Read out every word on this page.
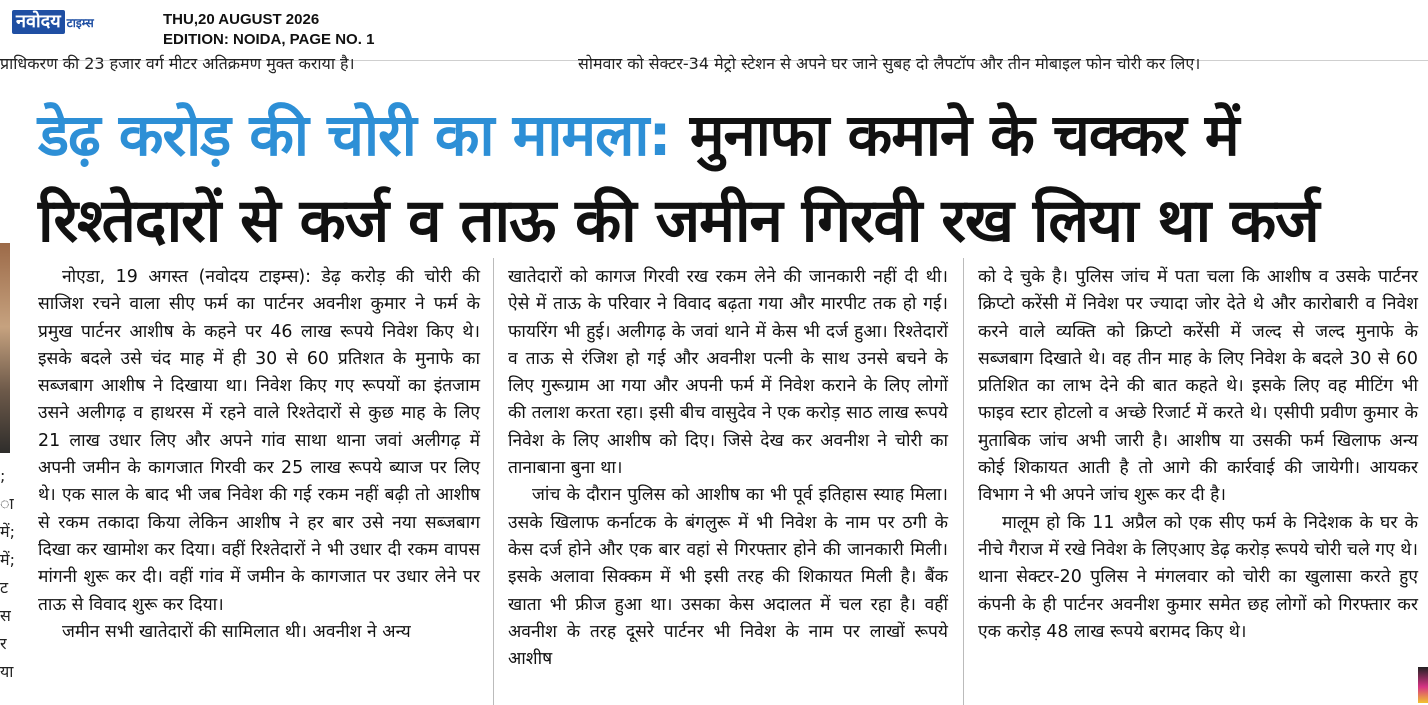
नवोदय टाइम्स	THU,20 AUGUST 2026
EDITION: NOIDA, PAGE NO. 1
प्राधिकरण की 23 हजार वर्ग मीटर अतिक्रमण मुक्त कराया है।	सोमवार को सेक्टर-34 मेट्रो स्टेशन से अपने घर जाने सुबह दो लैपटॉप और तीन मोबाइल फोन चोरी कर लिए।
डेढ़ करोड़ की चोरी का मामला: मुनाफा कमाने के चक्कर में
रिश्तेदारों से कर्ज व ताऊ की जमीन गिरवी रख लिया था कर्ज
;
ा
में;
में;
ट
स
र
या

नोएडा, 19 अगस्त (नवोदय टाइम्स): डेढ़ करोड़ की चोरी की साजिश रचने वाला सीए फर्म का पार्टनर अवनीश कुमार ने फर्म के प्रमुख पार्टनर आशीष के कहने पर 46 लाख रूपये निवेश किए थे। इसके बदले उसे चंद माह में ही 30 से 60 प्रतिशत के मुनाफे का सब्जबाग आशीष ने दिखाया था। निवेश किए गए रूपयों का इंतजाम उसने अलीगढ़ व हाथरस में रहने वाले रिश्तेदारों से कुछ माह के लिए 21 लाख उधार लिए और अपने गांव साथा थाना जवां अलीगढ़ में अपनी जमीन के कागजात गिरवी कर 25 लाख रूपये ब्याज पर लिए थे। एक साल के बाद भी जब निवेश की गई रकम नहीं बढ़ी तो आशीष से रकम तकादा किया लेकिन आशीष ने हर बार उसे नया सब्जबाग दिखा कर खामोश कर दिया। वहीं रिश्तेदारों ने भी उधार दी रकम वापस मांगनी शुरू कर दी। वहीं गांव में जमीन के कागजात पर उधार लेने पर ताऊ से विवाद शुरू कर दिया।

जमीन सभी खातेदारों की सामिलात थी। अवनीश ने अन्य

खातेदारों को कागज गिरवी रख रकम लेने की जानकारी नहीं दी थी। ऐसे में ताऊ के परिवार ने विवाद बढ़ता गया और मारपीट तक हो गई। फायरिंग भी हुई। अलीगढ़ के जवां थाने में केस भी दर्ज हुआ। रिश्तेदारों व ताऊ से रंजिश हो गई और अवनीश पत्नी के साथ उनसे बचने के लिए गुरूग्राम आ गया और अपनी फर्म में निवेश कराने के लिए लोगों की तलाश करता रहा। इसी बीच वासुदेव ने एक करोड़ साठ लाख रूपये निवेश के लिए आशीष को दिए। जिसे देख कर अवनीश ने चोरी का तानाबाना बुना था।

जांच के दौरान पुलिस को आशीष का भी पूर्व इतिहास स्याह मिला। उसके खिलाफ कर्नाटक के बंगलुरू में भी निवेश के नाम पर ठगी के केस दर्ज होने और एक बार वहां से गिरफ्तार होने की जानकारी मिली। इसके अलावा सिक्कम में भी इसी तरह की शिकायत मिली है। बैंक खाता भी फ्रीज हुआ था। उसका केस अदालत में चल रहा है। वहीं अवनीश के तरह दूसरे पार्टनर भी निवेश के नाम पर लाखों रूपये आशीष

को दे चुके है। पुलिस जांच में पता चला कि आशीष व उसके पार्टनर क्रिप्टो करेंसी में निवेश पर ज्यादा जोर देते थे और कारोबारी व निवेश करने वाले व्यक्ति को क्रिप्टो करेंसी में जल्द से जल्द मुनाफे के सब्जबाग दिखाते थे। वह तीन माह के लिए निवेश के बदले 30 से 60 प्रतिशित का लाभ देने की बात कहते थे। इसके लिए वह मीटिंग भी फाइव स्टार होटलो व अच्छे रिजार्ट में करते थे। एसीपी प्रवीण कुमार के मुताबिक जांच अभी जारी है। आशीष या उसकी फर्म खिलाफ अन्य कोई शिकायत आती है तो आगे की कार्रवाई की जायेगी। आयकर विभाग ने भी अपने जांच शुरू कर दी है।

मालूम हो कि 11 अप्रैल को एक सीए फर्म के निदेशक के घर के नीचे गैराज में रखे निवेश के लिएआए डेढ़ करोड़ रूपये चोरी चले गए थे। थाना सेक्टर-20 पुलिस ने मंगलवार को चोरी का खुलासा करते हुए कंपनी के ही पार्टनर अवनीश कुमार समेत छह लोगों को गिरफ्तार कर एक करोड़ 48 लाख रूपये बरामद किए थे।
